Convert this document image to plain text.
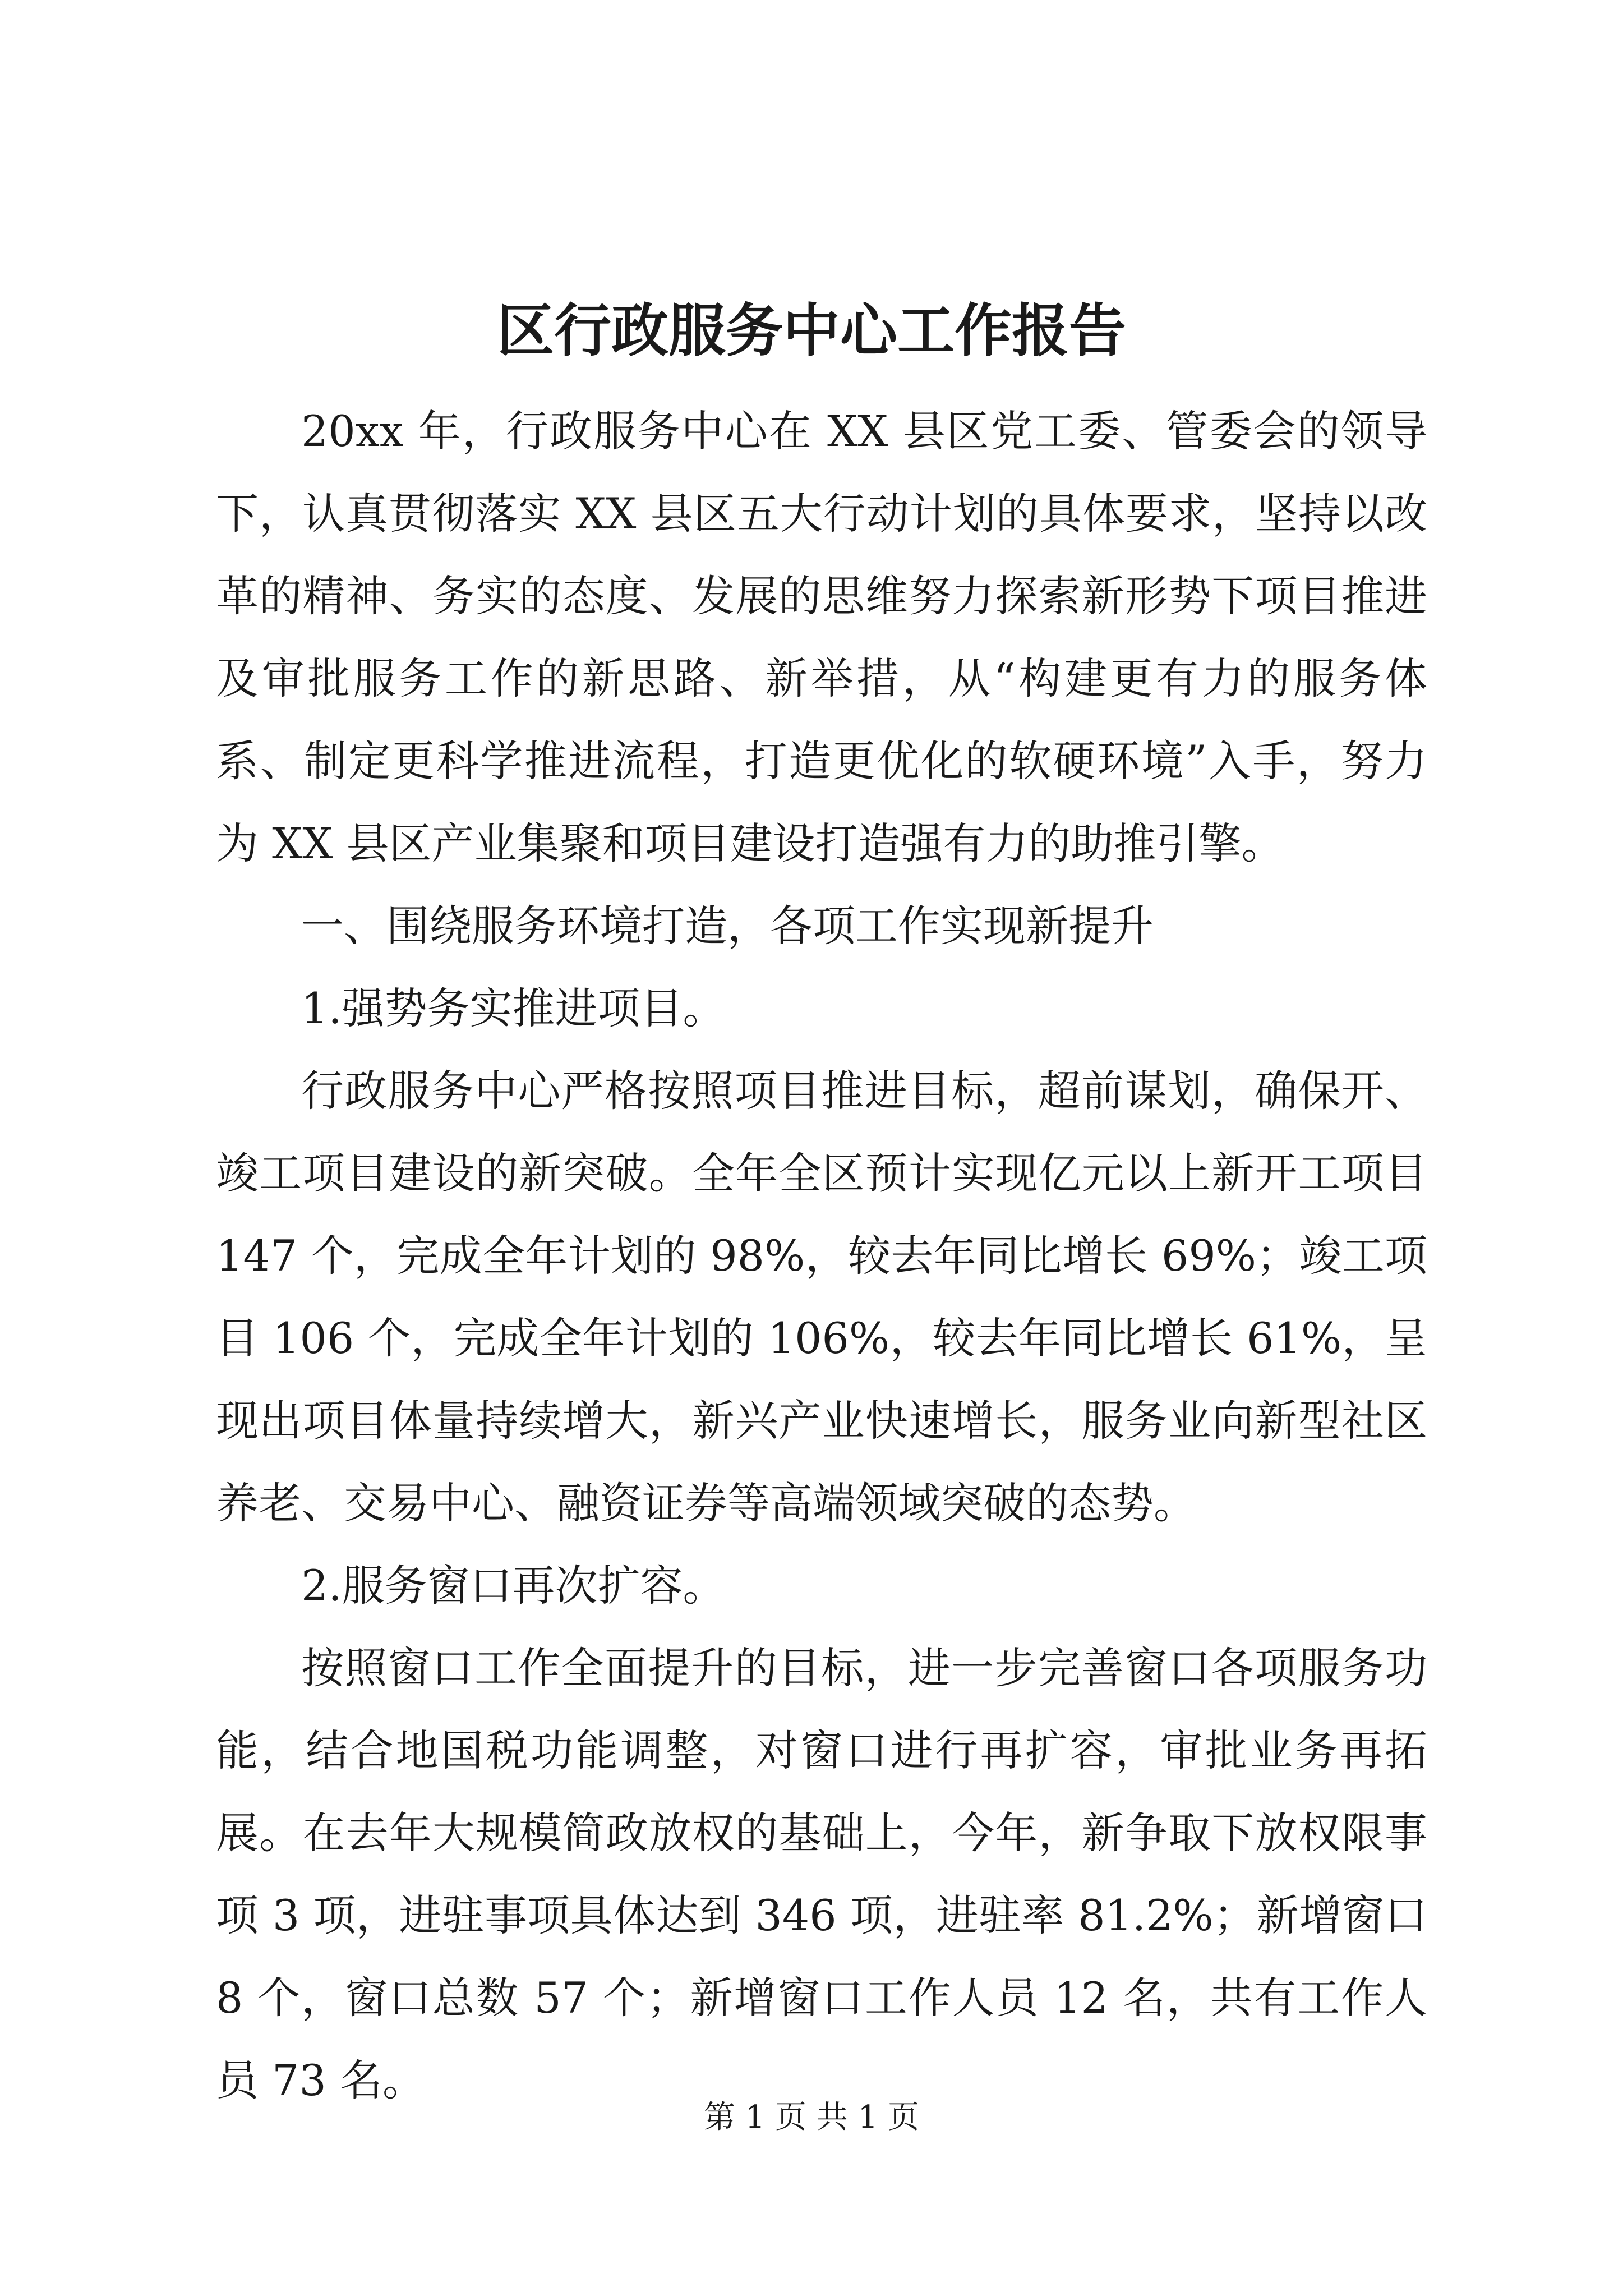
区行政服务中心工作报告

20xx 年，行政服务中心在 XX 县区党工委、管委会的领导下，认真贯彻落实 XX 县区五大行动计划的具体要求，坚持以改革的精神、务实的态度、发展的思维努力探索新形势下项目推进及审批服务工作的新思路、新举措，从“构建更有力的服务体系、制定更科学推进流程，打造更优化的软硬环境”入手，努力为 XX 县区产业集聚和项目建设打造强有力的助推引擎。

一、围绕服务环境打造，各项工作实现新提升

1.强势务实推进项目。

行政服务中心严格按照项目推进目标，超前谋划，确保开、竣工项目建设的新突破。全年全区预计实现亿元以上新开工项目 147 个，完成全年计划的 98%，较去年同比增长 69%；竣工项目 106 个，完成全年计划的 106%，较去年同比增长 61%，呈现出项目体量持续增大，新兴产业快速增长，服务业向新型社区养老、交易中心、融资证券等高端领域突破的态势。

2.服务窗口再次扩容。

按照窗口工作全面提升的目标，进一步完善窗口各项服务功能，结合地国税功能调整，对窗口进行再扩容，审批业务再拓展。在去年大规模简政放权的基础上，今年，新争取下放权限事项 3 项，进驻事项具体达到 346 项，进驻率 81.2%；新增窗口 8 个，窗口总数 57 个；新增窗口工作人员 12 名，共有工作人员 73 名。

第 1 页 共 1 页
